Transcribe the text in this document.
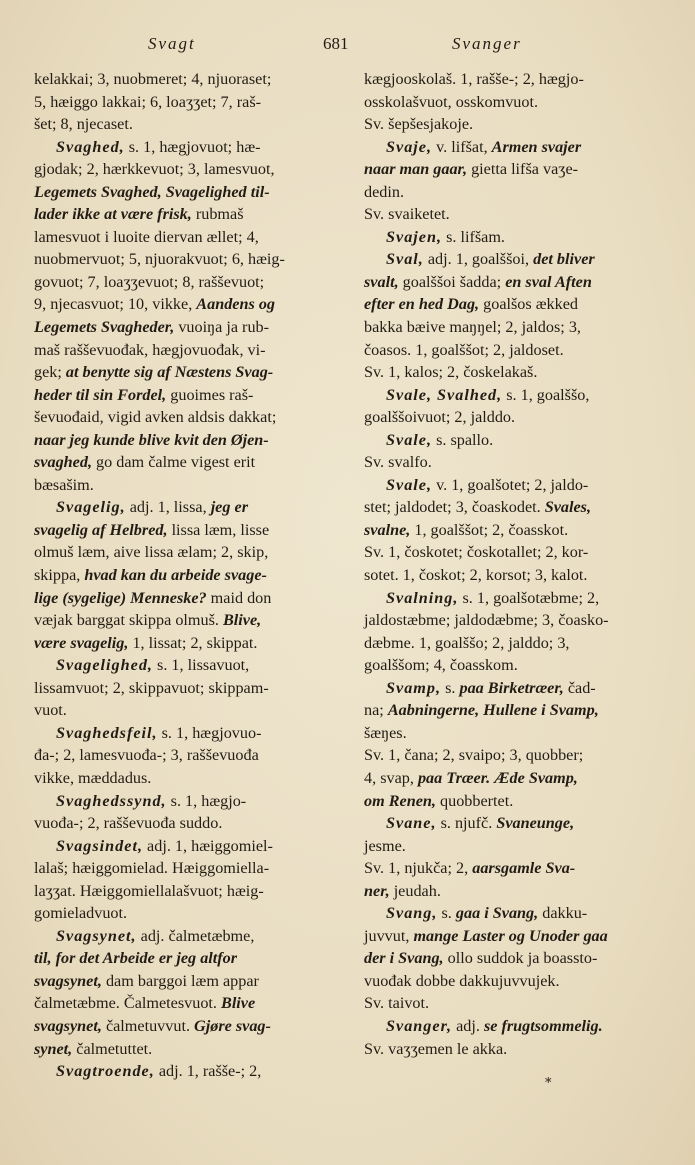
Svagt	681	Svanger
kelakkai; 3, nuobmeret; 4, njuoraset;
5, hæiggo lakkai; 6, loaʒʒet; 7, raš-
šet; 8, njecaset.
Svaghed, s. 1, hægjovuot; hæ-
gjodak; 2, hærkkevuot; 3, lamesvuot,
Legemets Svaghed, Svagelighed til-
lader ikke at være frisk, rubmaš
lamesvuot i luoite diervan ællet; 4,
nuobmervuot; 5, njuorakvuot; 6, hæig-
govuot; 7, loaʒʒevuot; 8, rašševuot;
9, njecasvuot; 10, vikke, Aandens og
Legemets Svagheder, vuoiŋa ja rub-
maš rašševuođak, hægjovuođak, vi-
gek; at benytte sig af Næstens Svag-
heder til sin Fordel, guoimes raš-
ševuođaid, vigid avken aldsis dakkat;
naar jeg kunde blive kvit den Øjen-
svaghed, go dam čalme vigest erit
bæsašim.
Svagelig, adj. 1, lissa, jeg er
svagelig af Helbred, lissa læm, lisse
olmuš læm, aive lissa ælam; 2, skip,
skippa, hvad kan du arbeide svage-
lige (sygelige) Menneske? maid don
væjak barggat skippa olmuš. Blive,
være svagelig, 1, lissat; 2, skippat.
Svagelighed, s. 1, lissavuot,
lissamvuot; 2, skippavuot; skippam-
vuot.
Svaghedsfeil, s. 1, hægjovuo-
đa-; 2, lamesvuođa-; 3, rašševuođa
vikke, mæddadus.
Svaghedssynd, s. 1, hægjo-
vuođa-; 2, rašševuođa suddo.
Svagsindet, adj. 1, hæiggomiel-
lalaš; hæiggomielad. Hæiggomiella-
laʒʒat. Hæiggomiellalašvuot; hæig-
gomieladvuot.
Svagsynet, adj. čalmetæbme,
til, for det Arbeide er jeg altfor
svagsynet, dam barggoi læm appar
čalmetæbme. Čalmetesvuot. Blive
svagsynet, čalmetuvvut. Gjøre svag-
synet, čalmetuttet.
Svagtroende, adj. 1, rašše-; 2,
kægjooskolaš. 1, rašše-; 2, hægjo-
osskolašvuot, osskomvuot.
Sv. šepšesjakoje.
Svaje, v. lifšat, Armen svajer
naar man gaar, gietta lifša vaʒe-
dedin.
Sv. svaiketet.
Svajen, s. lifšam.
Sval, adj. 1, goalššoi, det bliver
svalt, goalššoi šaddа; en sval Aften
efter en hed Dag, goalšos ækked
bakka bæive maŋŋel; 2, jaldos; 3,
čoasos. 1, goalššot; 2, jaldoset.
Sv. 1, kalos; 2, čoskelakaš.
Svale, Svalhed, s. 1, goalššo,
goalššoivuot; 2, jalddo.
Svale, s. spallo.
Sv. svalfo.
Svale, v. 1, goalšotet; 2, jaldo-
stet; jaldodet; 3, čoaskodet. Svales,
svalne, 1, goalššot; 2, čoasskot.
Sv. 1, čoskotet; čoskotallet; 2, kor-
sotet. 1, čoskot; 2, korsot; 3, kalot.
Svalning, s. 1, goalšotæbme; 2,
jaldostæbme; jaldodæbme; 3, čoasko-
dæbme. 1, goalššo; 2, jalddo; 3,
goalššom; 4, čoasskom.
Svamp, s. paa Birketræer, čad-
na; Aabningerne, Hullene i Svamp,
šæŋes.
Sv. 1, čana; 2, svaipo; 3, quobber;
4, svap, paa Træer. Æde Svamp,
om Renen, quobbertet.
Svane, s. njufč. Svaneunge,
jesme.
Sv. 1, njukča; 2, aarsgamle Sva-
ner, jeudah.
Svang, s. gaa i Svang, dakku-
juvvut, mange Laster og Unoder gaa
der i Svang, ollo suddok ja boassto-
vuođak dobbe dakkujuvvujek.
Sv. taivot.
Svanger, adj. se frugtsommelig.
Sv. vaʒʒemen le akka.
*
